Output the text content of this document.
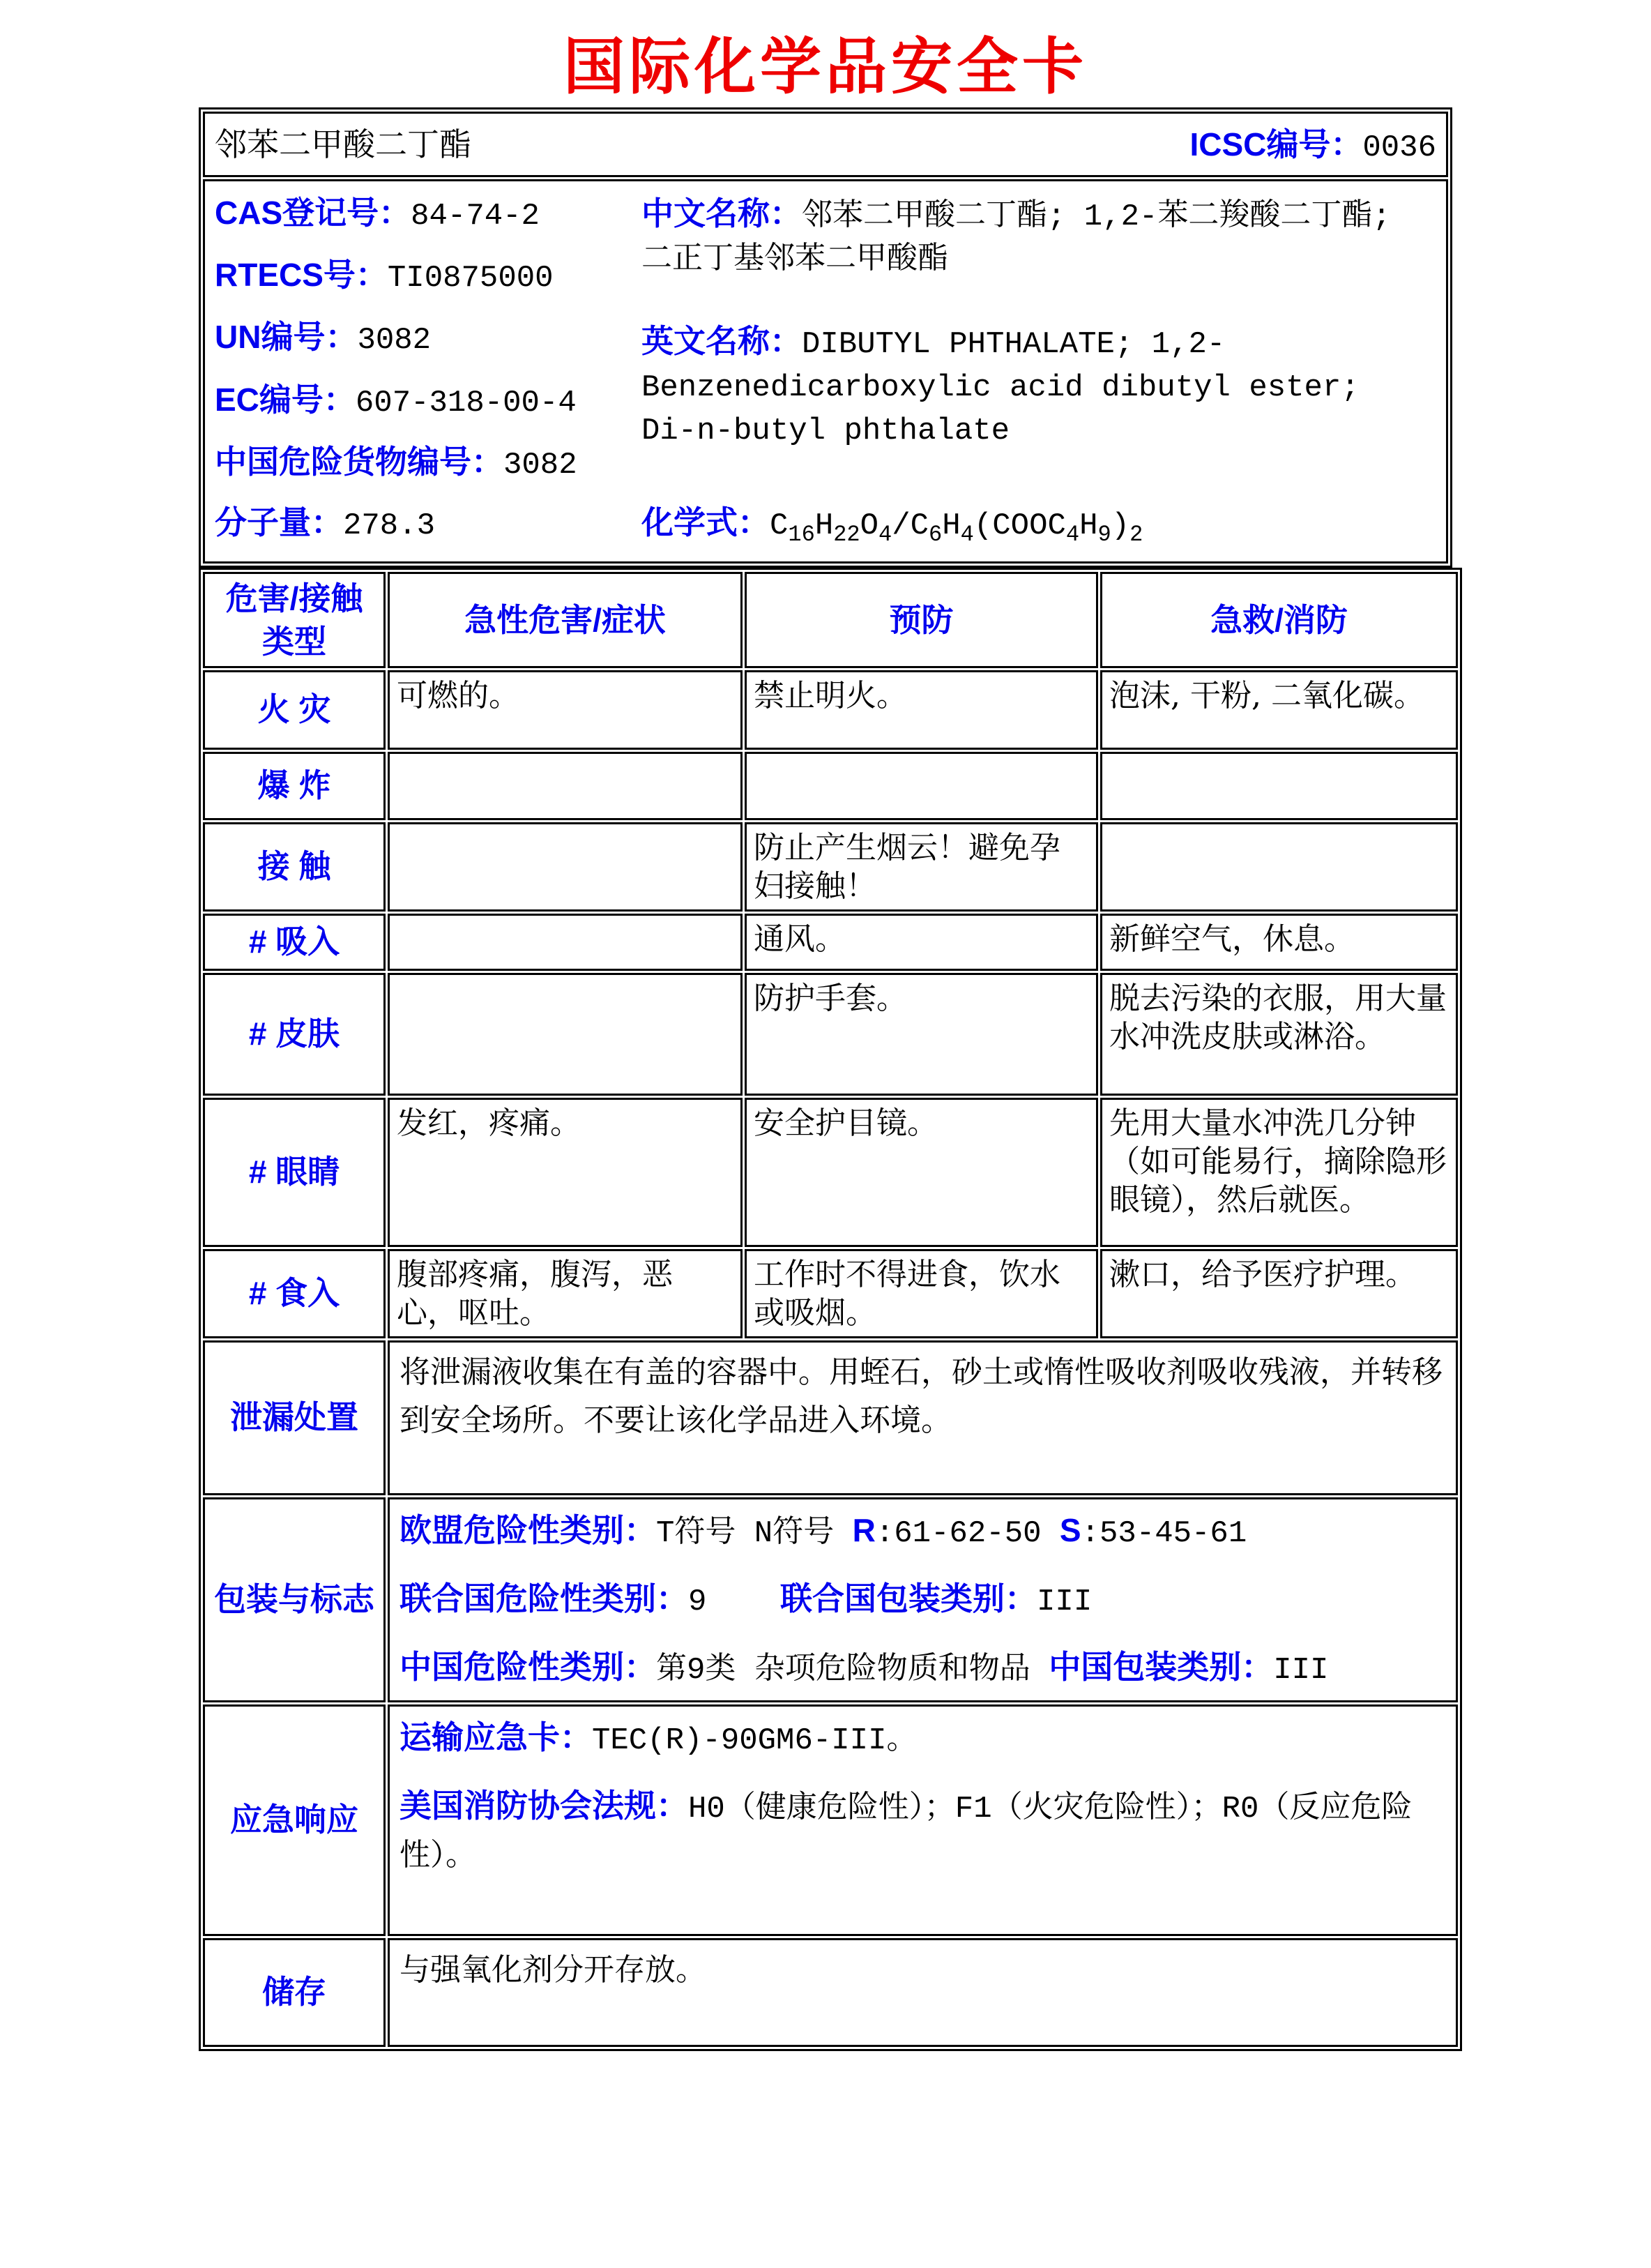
国际化学品安全卡
邻苯二甲酸二丁酯	ICSC编号：0036

CAS登记号：84-74-2
RTECS号：TI0875000
UN编号：3082
EC编号：607-318-00-4
中国危险货物编号：3082
分子量：278.3
中文名称：邻苯二甲酸二丁酯; 1,2-苯二羧酸二丁酯; 二正丁基邻苯二甲酸酯
英文名称：DIBUTYL PHTHALATE; 1,2-Benzenedicarboxylic acid dibutyl ester; Di-n-butyl phthalate
化学式：$C_{16}H_{22}O_4/C_6H_4(COOC_4H_9)_2$
危害/接触类型	急性危害/症状	预防	急救/消防
火 灾	可燃的。	禁止明火。	泡沫, 干粉, 二氧化碳。
爆 炸			
接 触		防止产生烟云！避免孕妇接触！	
# 吸入		通风。	新鲜空气，休息。
# 皮肤		防护手套。	脱去污染的衣服，用大量水冲洗皮肤或淋浴。
# 眼睛	发红，疼痛。	安全护目镜。	先用大量水冲洗几分钟（如可能易行，摘除隐形眼镜），然后就医。
# 食入	腹部疼痛，腹泻，恶心，呕吐。	工作时不得进食，饮水或吸烟。	漱口，给予医疗护理。
泄漏处置	将泄漏液收集在有盖的容器中。用蛭石，砂土或惰性吸收剂吸收残液，并转移到安全场所。不要让该化学品进入环境。		

包装与标志	欧盟危险性类别：T符号 N符号 R:61-62-50 S:53-45-61
联合国危险性类别：9    联合国包装类别：III
中国危险性类别：第9类 杂项危险物质和物品 中国包装类别：III		

应急响应	运输应急卡：TEC(R)-90GM6-III。
美国消防协会法规：H0（健康危险性）；F1（火灾危险性）；R0（反应危险性）。		

储存	与强氧化剂分开存放。		
